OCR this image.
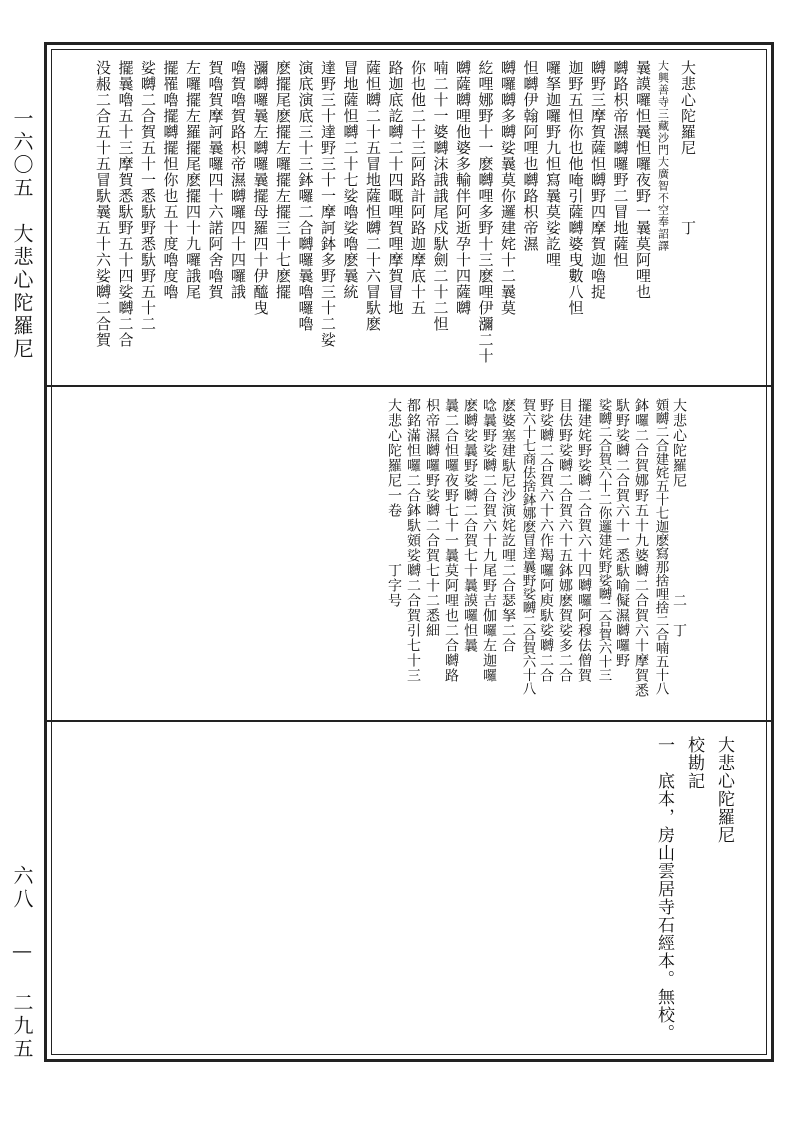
一六〇五　大悲心陀羅尼
六八 — 二九五
大悲心陀羅尼　　　　丁
大興善寺三藏沙門大廣智不空奉詔譯
曩謨囉怛曩怛囉夜野一曩莫阿哩也
嚩路枳帝濕嚩囉野二冒地薩怛
嚩野三摩賀薩怛嚩野四摩賀迦嚕捉
迦野五怛你也他唵引薩嚩婆曳數八怛
囉拏迦囉野九怛寫曩莫娑訖哩
怛嚩伊翰阿哩也嚩路枳帝濕
嚩囉嚩多嚩娑曩莫你邏建姹十二曩莫
紇哩娜野十一麽嚩哩多野十三麽哩伊瀰二十
嚩薩嚩哩他婆多輸伴阿逝孕十四薩嚩
喃二十一婆嚩沫誐誐尾戍馱劍二十二怛
你也他二十三阿路計阿路迦摩底十五
路迦底訖嚩二十四嘅哩賀哩摩賀冒地
薩怛嚩二十五冒地薩怛嚩二十六冒馱麽
冒地薩怛嚩二十七娑嚕娑嚕麽曩統
達野三十達野三十一摩訶鉢多野三十二娑
演底演底三十三鉢囉二合嚩囉曩嚕囉嚕
麽擺尾麽擺左囉擺左擺三十七麽擺
瀰嚩囉曩左嚩囉曩擺母羅四十伊醯曳
嚕賀嚕賀路枳帝濕嚩囉四十四囉誐
賀嚕賀摩訶曩囉四十六諾阿舍嚕賀
左囉擺左羅擺尾麽擺四十九囉誐尾
擺罹嚕擺嚩擺怛你也五十度嚕度嚕
娑嚩二合賀五十一悉馱野悉馱野五十二
擺曩嚕五十三摩賀悉馱野五十四娑嚩二合
没赧二合五十五冒馱曩五十六娑嚩二合賀
大悲心陀羅尼　　　　　　　二　丁
頞嚩二合建姹五十七迦麽寫那捨哩捨二合喃五十八
鉢囉二合賀娜野五十九婆嚩二合賀六十摩賀悉
馱野娑嚩二合賀六十一悉馱喻儗濕嚩囉野
娑嚩二合賀六十二你邏建姹野娑嚩二合賀六十三
擺建姹野娑嚩二合賀六十四嚩囉阿穆佉僧賀
目佉野娑嚩二合賀六十五鉢娜麽賀娑多二合
野娑嚩二合賀六十六作羯囉阿庾馱娑嚩二合
賀六十七商佉捨鉢娜麽冒達曩野娑嚩二合賀六十八
麽婆塞建馱尼沙演姹訖哩二合瑟拏二合
唸曩野娑嚩二合賀六十九尾野吉伽囉左迦囉
麽嚩娑曩野娑嚩二合賀七十曩謨囉怛曩
曩二合怛囉夜野七十一曩莫阿哩也二合嚩路
枳帝濕嚩囉野娑嚩二合賀七十二悉細
都銘滿怛囉二合鉢馱頞娑嚩二合賀引七十三
大悲心陀羅尼一卷　　　丁字号
大悲心陀羅尼
校勘記
一　底本，房山雲居寺石經本。無校。
